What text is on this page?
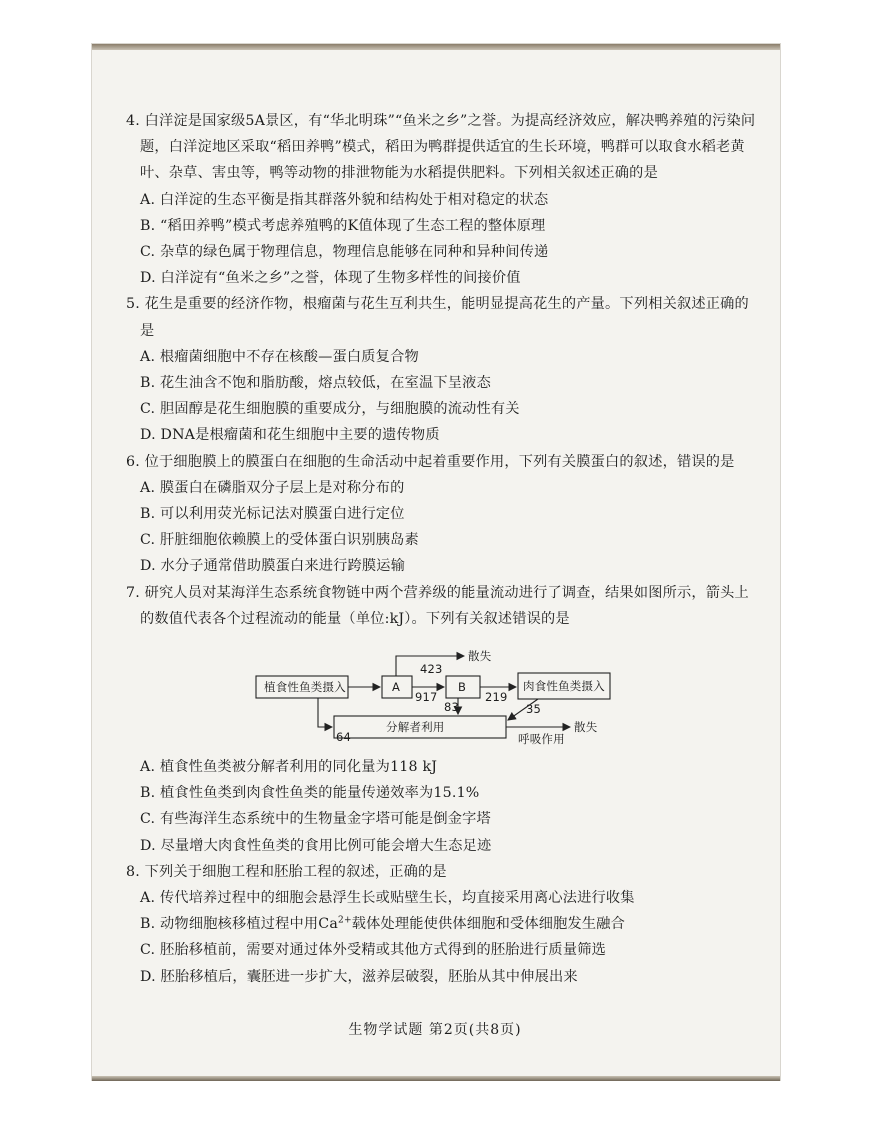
4. 白洋淀是国家级5A景区，有“华北明珠”“鱼米之乡”之誉。为提高经济效应，解决鸭养殖的污染问题，白洋淀地区采取“稻田养鸭”模式，稻田为鸭群提供适宜的生长环境，鸭群可以取食水稻老黄叶、杂草、害虫等，鸭等动物的排泄物能为水稻提供肥料。下列相关叙述正确的是
A. 白洋淀的生态平衡是指其群落外貌和结构处于相对稳定的状态
B. “稻田养鸭”模式考虑养殖鸭的K值体现了生态工程的整体原理
C. 杂草的绿色属于物理信息，物理信息能够在同种和异种间传递
D. 白洋淀有“鱼米之乡”之誉，体现了生物多样性的间接价值
5. 花生是重要的经济作物，根瘤菌与花生互利共生，能明显提高花生的产量。下列相关叙述正确的是
A. 根瘤菌细胞中不存在核酸—蛋白质复合物
B. 花生油含不饱和脂肪酸，熔点较低，在室温下呈液态
C. 胆固醇是花生细胞膜的重要成分，与细胞膜的流动性有关
D. DNA是根瘤菌和花生细胞中主要的遗传物质
6. 位于细胞膜上的膜蛋白在细胞的生命活动中起着重要作用，下列有关膜蛋白的叙述，错误的是
A. 膜蛋白在磷脂双分子层上是对称分布的
B. 可以利用荧光标记法对膜蛋白进行定位
C. 肝脏细胞依赖膜上的受体蛋白识别胰岛素
D. 水分子通常借助膜蛋白来进行跨膜运输
7. 研究人员对某海洋生态系统食物链中两个营养级的能量流动进行了调查，结果如图所示，箭头上的数值代表各个过程流动的能量（单位:kJ）。下列有关叙述错误的是
植食性鱼类摄入	A	B	肉食性鱼类摄入
分解者利用
散失
散失
呼吸作用
423
917	219
83	35
64
A. 植食性鱼类被分解者利用的同化量为118 kJ
B. 植食性鱼类到肉食性鱼类的能量传递效率为15.1%
C. 有些海洋生态系统中的生物量金字塔可能是倒金字塔
D. 尽量增大肉食性鱼类的食用比例可能会增大生态足迹
8. 下列关于细胞工程和胚胎工程的叙述，正确的是
A. 传代培养过程中的细胞会悬浮生长或贴壁生长，均直接采用离心法进行收集
B. 动物细胞核移植过程中用$Ca^{2+}$载体处理能使供体细胞和受体细胞发生融合
C. 胚胎移植前，需要对通过体外受精或其他方式得到的胚胎进行质量筛选
D. 胚胎移植后，囊胚进一步扩大，滋养层破裂，胚胎从其中伸展出来
生物学试题 第2页(共8页)
